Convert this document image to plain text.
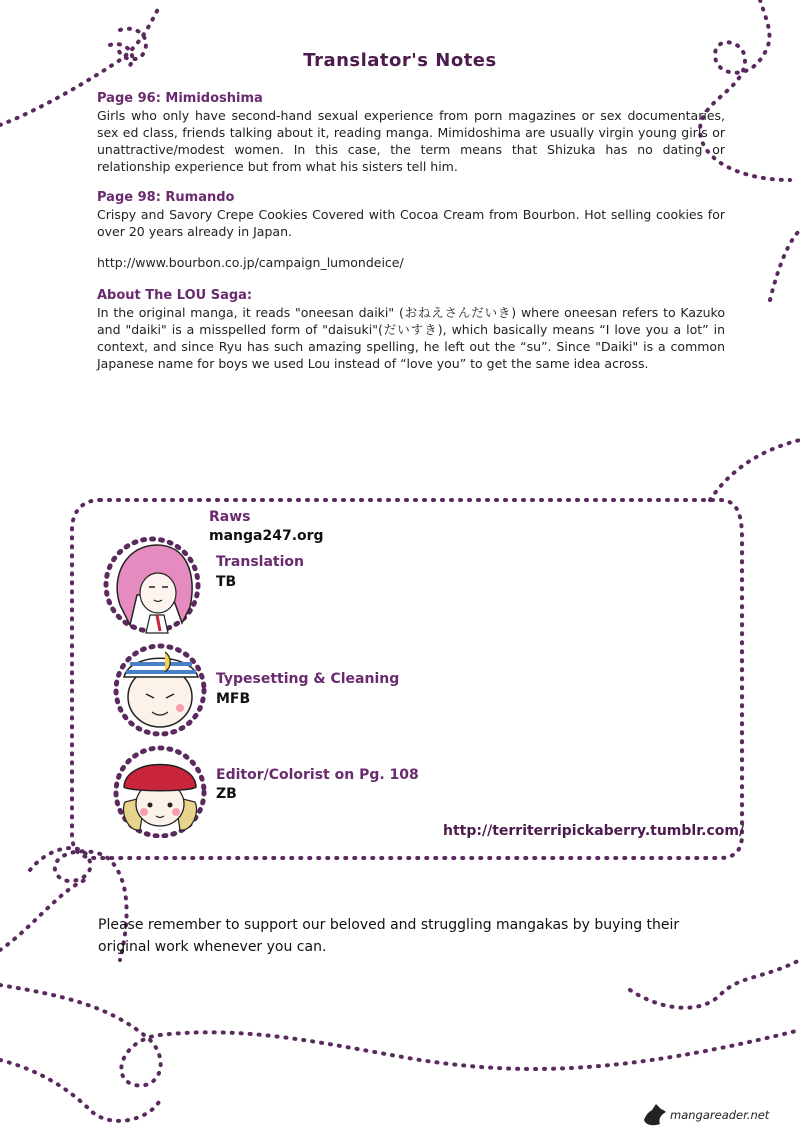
Translator's Notes
Page 96: Mimidoshima

Girls who only have second-hand sexual experience from porn magazines or sex documentaries, sex ed class, friends talking about it, reading manga. Mimidoshima are usually virgin young girls or unattractive/modest women. In this case, the term means that Shizuka has no dating or relationship experience but from what his sisters tell him.

Page 98: Rumando

Crispy and Savory Crepe Cookies Covered with Cocoa Cream from Bourbon. Hot selling cookies for over 20 years already in Japan.

http://www.bourbon.co.jp/campaign_lumondeice/
About The LOU Saga:

In the original manga, it reads "oneesan daiki" (おねえさんだいき) where oneesan refers to Kazuko and "daiki" is a misspelled form of "daisuki"(だいすき), which basically means “I love you a lot” in context, and since Ryu has such amazing spelling, he left out the “su”. Since "Daiki" is a common Japanese name for boys we used Lou instead of “love you” to get the same idea across.

Raws
manga247.org
Translation
TB
Typesetting & Cleaning
MFB
Editor/Colorist on Pg. 108
ZB
http://territerripickaberry.tumblr.com/

Please remember to support our beloved and struggling mangakas by buying their original work whenever you can.

mangareader.net
